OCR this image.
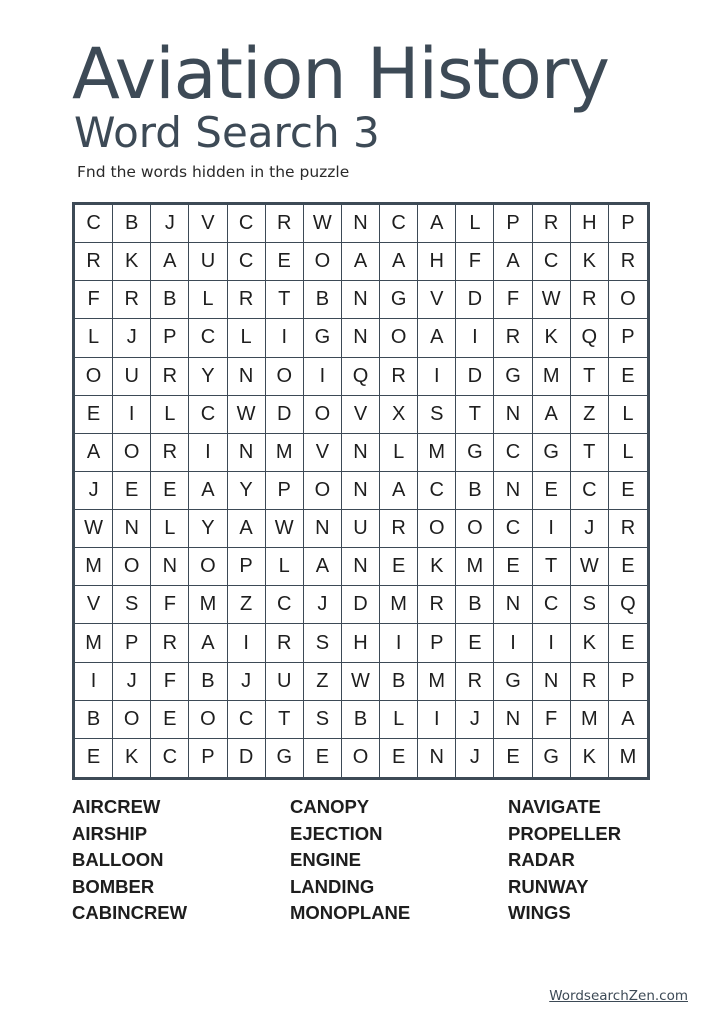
Aviation History
Word Search 3
Fnd the words hidden in the puzzle
C	B	J	V	C	R	W	N	C	A	L	P	R	H	P
R	K	A	U	C	E	O	A	A	H	F	A	C	K	R
F	R	B	L	R	T	B	N	G	V	D	F	W	R	O
L	J	P	C	L	I	G	N	O	A	I	R	K	Q	P
O	U	R	Y	N	O	I	Q	R	I	D	G	M	T	E
E	I	L	C	W	D	O	V	X	S	T	N	A	Z	L
A	O	R	I	N	M	V	N	L	M	G	C	G	T	L
J	E	E	A	Y	P	O	N	A	C	B	N	E	C	E
W	N	L	Y	A	W	N	U	R	O	O	C	I	J	R
M	O	N	O	P	L	A	N	E	K	M	E	T	W	E
V	S	F	M	Z	C	J	D	M	R	B	N	C	S	Q
M	P	R	A	I	R	S	H	I	P	E	I	I	K	E
I	J	F	B	J	U	Z	W	B	M	R	G	N	R	P
B	O	E	O	C	T	S	B	L	I	J	N	F	M	A
E	K	C	P	D	G	E	O	E	N	J	E	G	K	M
AIRCREW
AIRSHIP
BALLOON
BOMBER
CABINCREW
CANOPY
EJECTION
ENGINE
LANDING
MONOPLANE
NAVIGATE
PROPELLER
RADAR
RUNWAY
WINGS
WordsearchZen.com
